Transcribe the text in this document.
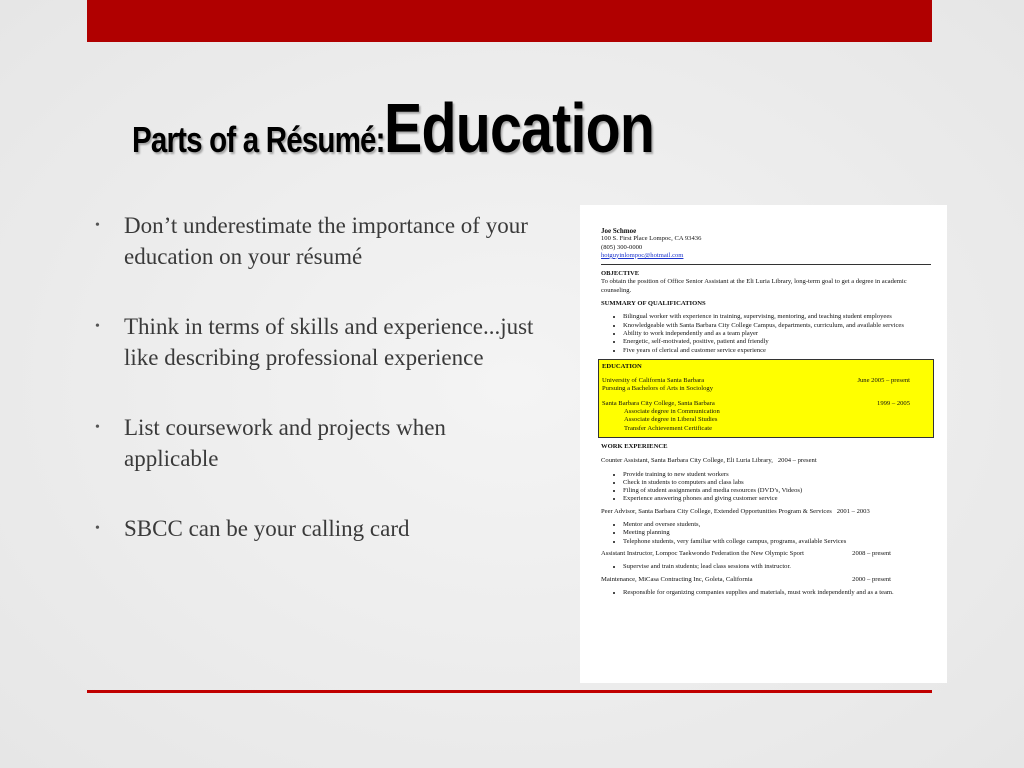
Parts of a Résumé: Education
• Don’t underestimate the importance of your education on your résumé
• Think in terms of skills and experience...just like describing professional experience
• List coursework and projects when applicable
• SBCC can be your calling card
Joe Schmoe
100 S. First Place Lompoc, CA 93436
(805) 300-0000
hotguyinlompoc@hotmail.com
OBJECTIVE
To obtain the position of Office Senior Assistant at the Eli Luria Library, long-term goal to get a degree in academic counseling.
SUMMARY OF QUALIFICATIONS
• Bilingual worker with experience in training, supervising, mentoring, and teaching student employees
• Knowledgeable with Santa Barbara City College Campus, departments, curriculum, and available services
• Ability to work independently and as a team player
• Energetic, self-motivated, positive, patient and friendly
• Five years of clerical and customer service experience
EDUCATION
University of California Santa Barbara	June 2005 – present
Pursuing a Bachelors of Arts in Sociology
Santa Barbara City College, Santa Barbara	1999 – 2005
Associate degree in Communication
Associate degree in Liberal Studies
Transfer Achievement Certificate
WORK EXPERIENCE
Counter Assistant, Santa Barbara City College, Eli Luria Library, 2004 – present
• Provide training to new student workers
• Check in students to computers and class labs
• Filing of student assignments and media resources (DVD’s, Videos)
• Experience answering phones and giving customer service
Peer Advisor, Santa Barbara City College, Extended Opportunities Program & Services 2001 – 2003
• Mentor and oversee students,
• Meeting planning
• Telephone students, very familiar with college campus, programs, available Services
Assistant Instructor, Lompoc Taekwondo Federation the New Olympic Sport	2008 – present
• Supervise and train students; lead class sessions with instructor.
Maintenance, MiCasa Contracting Inc, Goleta, California	2000 – present
• Responsible for organizing companies supplies and materials, must work independently and as a team.
